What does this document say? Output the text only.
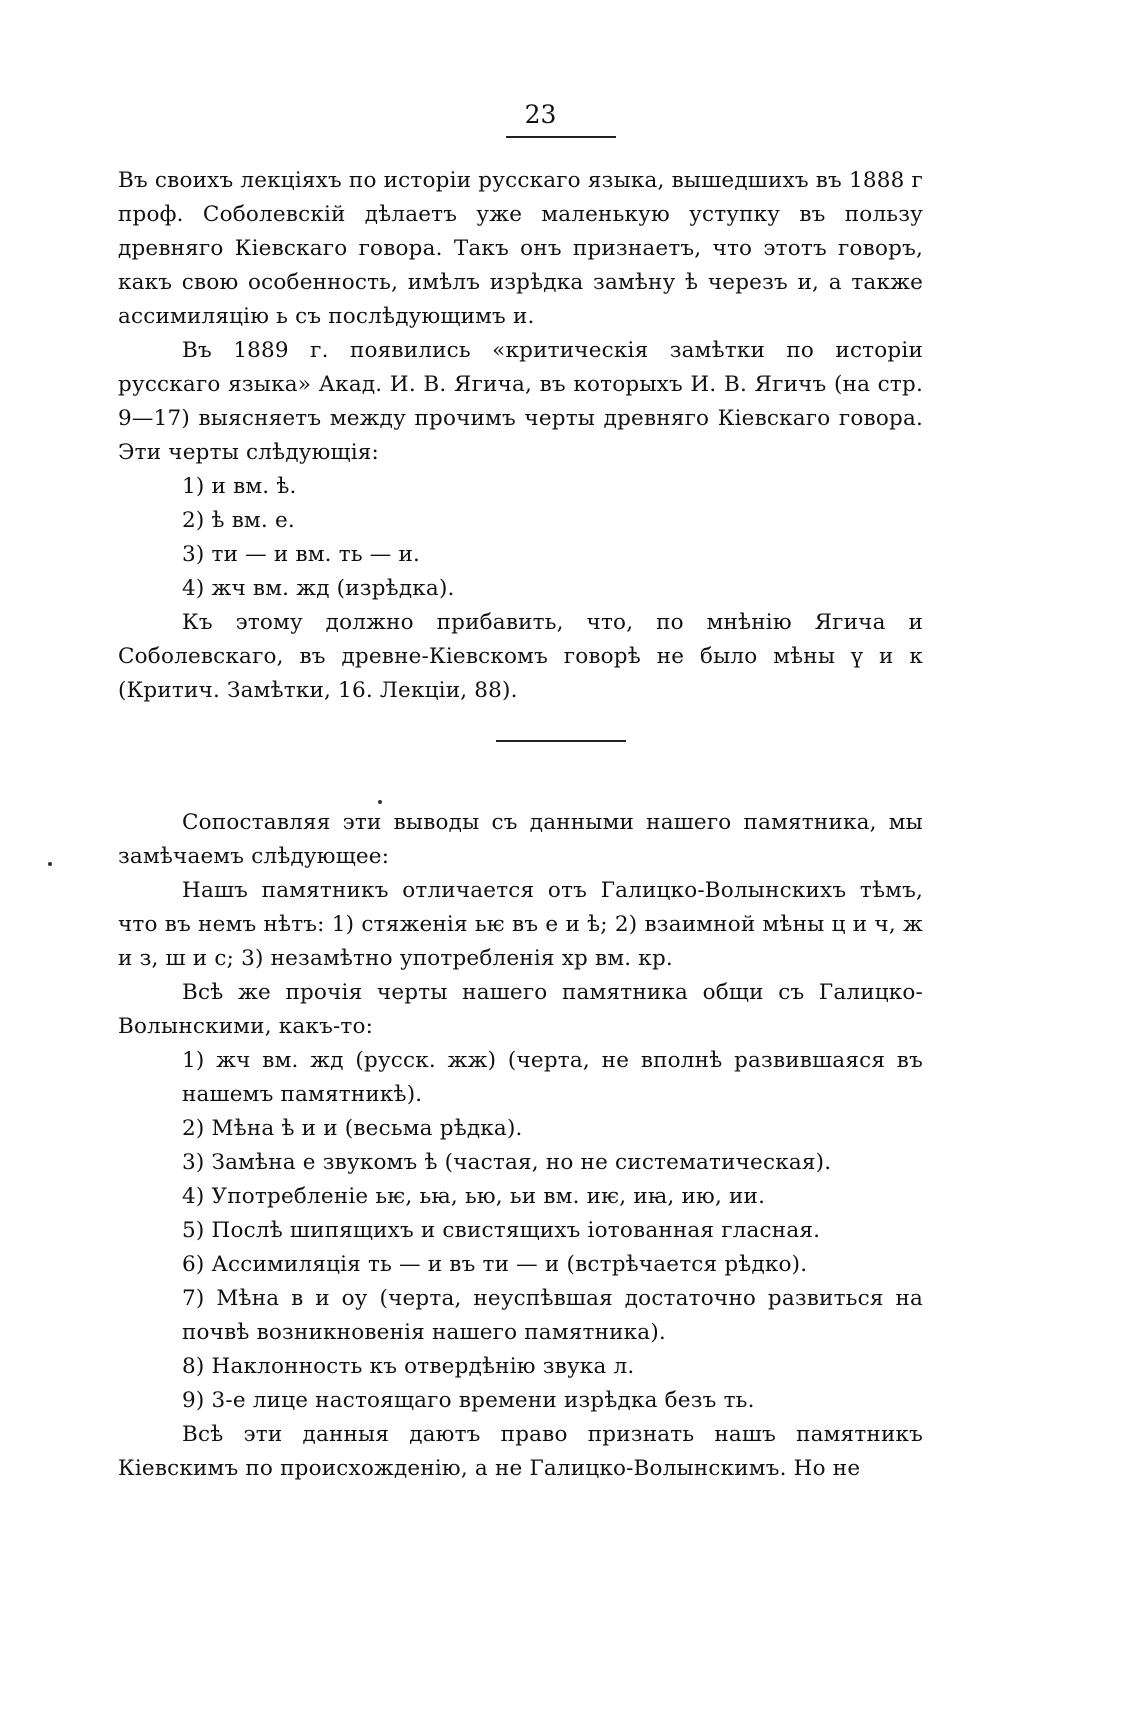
23

Въ своихъ лекціяхъ по исторіи русскаго языка, вышедшихъ въ 1888 г проф. Соболевскій дѣлаетъ уже маленькую уступку въ пользу древняго Кіевскаго говора. Такъ онъ признаетъ, что этотъ говоръ, какъ свою особенность, имѣлъ изрѣдка замѣну ѣ черезъ и, а также ассимиляцію ь съ послѣдующимъ и.

Въ 1889 г. появились «критическія замѣтки по исторіи русскаго языка» Акад. И. В. Ягича, въ которыхъ И. В. Ягичъ (на стр. 9—17) выясняетъ между прочимъ черты древняго Кіевскаго говора. Эти черты слѣдующія:

1) и вм. ѣ.

2) ѣ вм. е.

3) ти — и вм. ть — и.

4) жч вм. жд (изрѣдка).

Къ этому должно прибавить, что, по мнѣнію Ягича и Соболевскаго, въ древне-Кіевскомъ говорѣ не было мѣны ү и к (Критич. Замѣтки, 16. Лекціи, 88).

Сопоставляя эти выводы съ данными нашего памятника, мы замѣчаемъ слѣдующее:

Нашъ памятникъ отличается отъ Галицко-Волынскихъ тѣмъ, что въ немъ нѣтъ: 1) стяженія ьѥ въ е и ѣ; 2) взаимной мѣны ц и ч, ж и з, ш и с; 3) незамѣтно употребленія хр вм. кр.

Всѣ же прочія черты нашего памятника общи съ Галицко-Волынскими, какъ-то:

1) жч вм. жд (русск. жж) (черта, не вполнѣ развившаяся въ нашемъ памятникѣ).

2) Мѣна ѣ и и (весьма рѣдка).

3) Замѣна е звукомъ ѣ (частая, но не систематическая).

4) Употребленіе ьѥ, ьꙗ, ью, ьи вм. иѥ, иꙗ, ию, ии.

5) Послѣ шипящихъ и свистящихъ іотованная гласная.

6) Ассимиляція ть — и въ ти — и (встрѣчается рѣдко).

7) Мѣна в и оу (черта, неуспѣвшая достаточно развиться на почвѣ возникновенія нашего памятника).

8) Наклонность къ отвердѣнію звука л.

9) 3-е лице настоящаго времени изрѣдка безъ ть.

Всѣ эти данныя даютъ право признать нашъ памятникъ Кіевскимъ по происхожденію, а не Галицко-Волынскимъ. Но не
